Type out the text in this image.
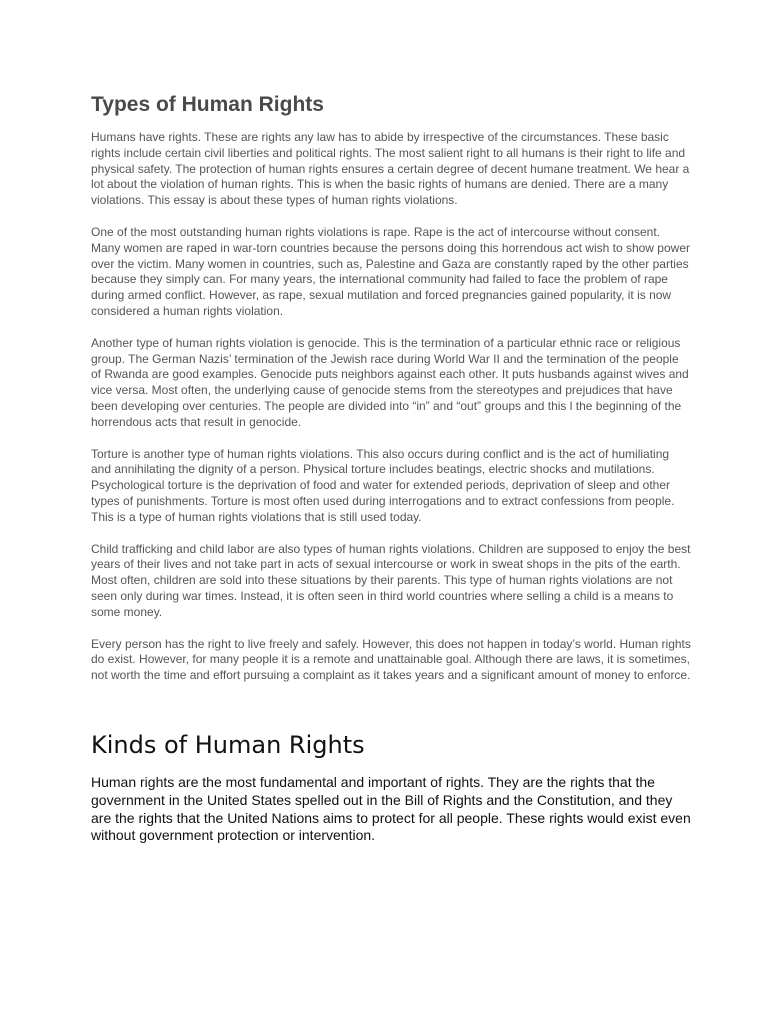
Types of Human Rights

Humans have rights. These are rights any law has to abide by irrespective of the circumstances. These basic rights include certain civil liberties and political rights. The most salient right to all humans is their right to life and physical safety. The protection of human rights ensures a certain degree of decent humane treatment. We hear a lot about the violation of human rights. This is when the basic rights of humans are denied. There are a many violations. This essay is about these types of human rights violations.

One of the most outstanding human rights violations is rape. Rape is the act of intercourse without consent. Many women are raped in war-torn countries because the persons doing this horrendous act wish to show power over the victim. Many women in countries, such as, Palestine and Gaza are constantly raped by the other parties because they simply can. For many years, the international community had failed to face the problem of rape during armed conflict. However, as rape, sexual mutilation and forced pregnancies gained popularity, it is now considered a human rights violation.

Another type of human rights violation is genocide. This is the termination of a particular ethnic race or religious group. The German Nazis’ termination of the Jewish race during World War II and the termination of the people of Rwanda are good examples. Genocide puts neighbors against each other. It puts husbands against wives and vice versa. Most often, the underlying cause of genocide stems from the stereotypes and prejudices that have been developing over centuries. The people are divided into “in” and “out” groups and this l the beginning of the horrendous acts that result in genocide.

Torture is another type of human rights violations. This also occurs during conflict and is the act of humiliating and annihilating the dignity of a person. Physical torture includes beatings, electric shocks and mutilations. Psychological torture is the deprivation of food and water for extended periods, deprivation of sleep and other types of punishments. Torture is most often used during interrogations and to extract confessions from people. This is a type of human rights violations that is still used today.

Child trafficking and child labor are also types of human rights violations. Children are supposed to enjoy the best years of their lives and not take part in acts of sexual intercourse or work in sweat shops in the pits of the earth. Most often, children are sold into these situations by their parents. This type of human rights violations are not seen only during war times. Instead, it is often seen in third world countries where selling a child is a means to some money.

Every person has the right to live freely and safely. However, this does not happen in today’s world. Human rights do exist. However, for many people it is a remote and unattainable goal. Although there are laws, it is sometimes, not worth the time and effort pursuing a complaint as it takes years and a significant amount of money to enforce.

Kinds of Human Rights

Human rights are the most fundamental and important of rights. They are the rights that the government in the United States spelled out in the Bill of Rights and the Constitution, and they are the rights that the United Nations aims to protect for all people. These rights would exist even without government protection or intervention.
